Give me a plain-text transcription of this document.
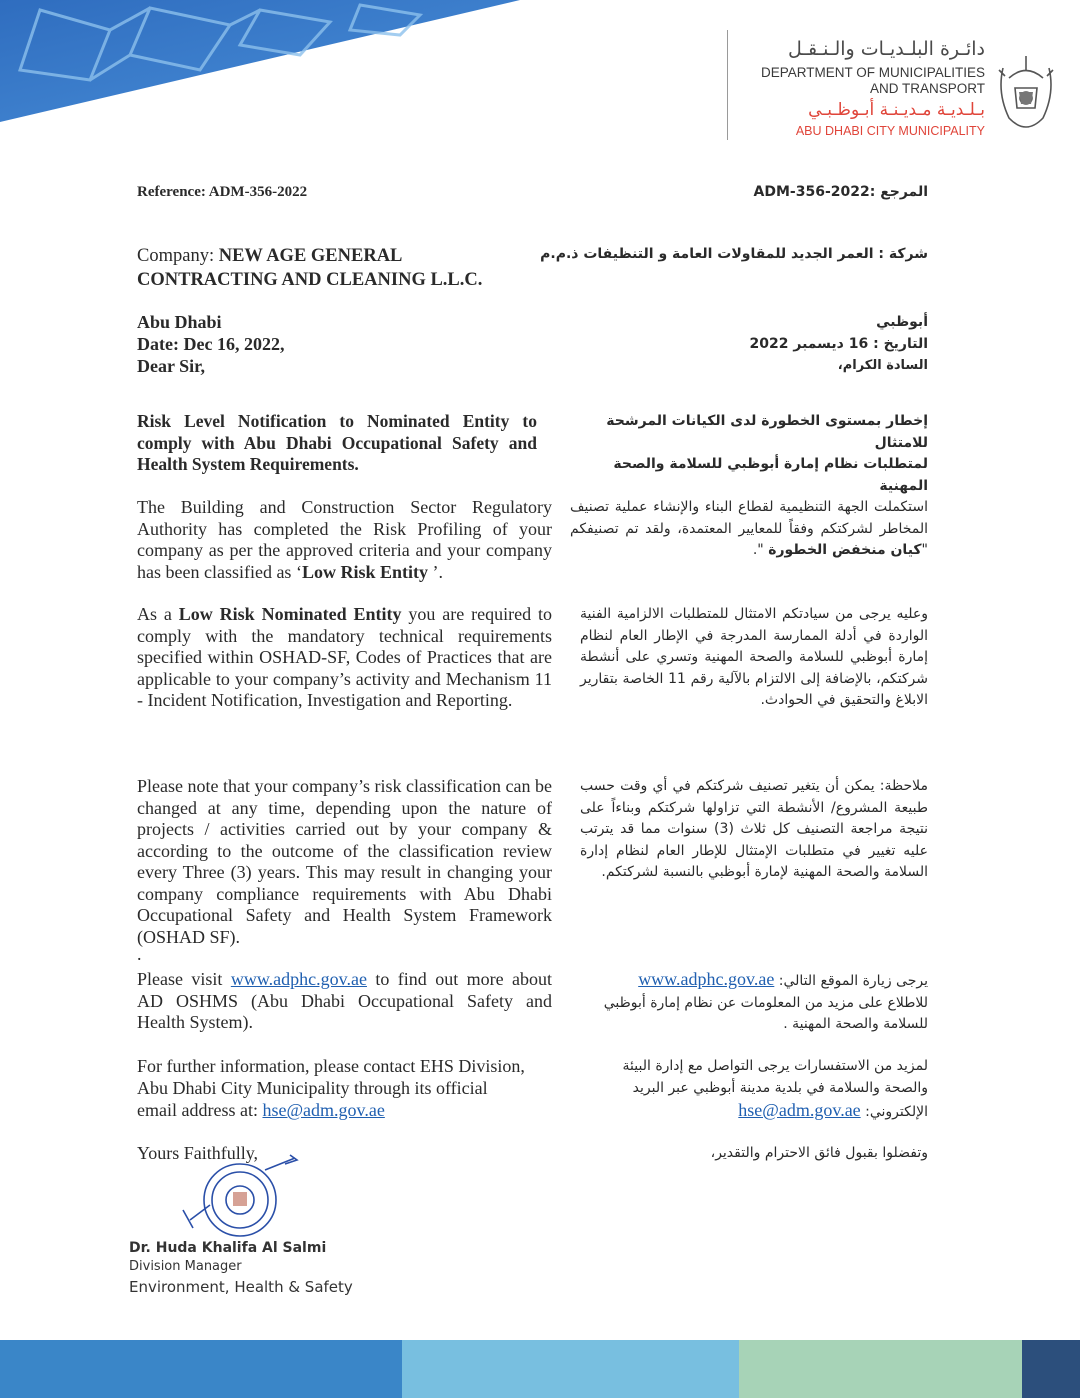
دائـرة البلـديـات والـنـقـل
DEPARTMENT OF MUNICIPALITIES
AND TRANSPORT
بـلـديـة مـديـنـة أبـوظـبـي
ABU DHABI CITY MUNICIPALITY
Reference: ADM-356-2022	المرجع :ADM-356-2022
Company: NEW AGE GENERAL
CONTRACTING AND CLEANING L.L.C.
شركة : العمر الجديد للمقاولات العامة و التنظيفات ذ.م.م
Abu Dhabi
Date: Dec 16, 2022,
Dear Sir,
أبوظبي
التاريخ : 16 ديسمبر 2022
السادة الكرام،
Risk Level Notification to Nominated Entity to comply with Abu Dhabi Occupational Safety and Health System Requirements.
إخطار بمستوى الخطورة لدى الكيانات المرشحة للامتثال
لمتطلبات نظام إمارة أبوظبي للسلامة والصحة المهنية
The Building and Construction Sector Regulatory Authority has completed the Risk Profiling of your company as per the approved criteria and your company has been classified as ‘Low Risk Entity ’.
استكملت الجهة التنظيمية لقطاع البناء والإنشاء عملية تصنيف المخاطر لشركتكم وفقاً للمعايير المعتمدة، ولقد تم تصنيفكم "كيان منخفض الخطورة ".
As a Low Risk Nominated Entity you are required to comply with the mandatory technical requirements specified within OSHAD-SF, Codes of Practices that are applicable to your company’s activity and Mechanism 11 - Incident Notification, Investigation and Reporting.
وعليه يرجى من سيادتكم الامتثال للمتطلبات الالزامية الفنية الواردة في أدلة الممارسة المدرجة في الإطار العام لنظام إمارة أبوظبي للسلامة والصحة المهنية وتسري على أنشطة شركتكم، بالإضافة إلى الالتزام بالآلية رقم 11 الخاصة بتقارير الابلاغ والتحقيق في الحوادث.
Please note that your company’s risk classification can be changed at any time, depending upon the nature of projects / activities carried out by your company & according to the outcome of the classification review every Three (3) years. This may result in changing your company compliance requirements with Abu Dhabi Occupational Safety and Health System Framework (OSHAD SF).
ملاحظة: يمكن أن يتغير تصنيف شركتكم في أي وقت حسب طبيعة المشروع/ الأنشطة التي تزاولها شركتكم وبناءاً على نتيجة مراجعة التصنيف كل ثلاث (3) سنوات مما قد يترتب عليه تغيير في متطلبات الإمتثال للإطار العام لنظام إدارة السلامة والصحة المهنية لإمارة أبوظبي بالنسبة لشركتكم.
.
Please visit www.adphc.gov.ae to find out more about AD OSHMS (Abu Dhabi Occupational Safety and Health System).
يرجى زيارة الموقع التالي: www.adphc.gov.ae
للاطلاع على مزيد من المعلومات عن نظام إمارة أبوظبي للسلامة والصحة المهنية .
For further information, please contact EHS Division,
Abu Dhabi City Municipality through its official
email address at: hse@adm.gov.ae
لمزيد من الاستفسارات يرجى التواصل مع إدارة البيئة
والصحة والسلامة في بلدية مدينة أبوظبي عبر البريد
الإلكتروني: hse@adm.gov.ae
Yours Faithfully,	وتفضلوا بقبول فائق الاحترام والتقدير،
Dr. Huda Khalifa Al Salmi
Division Manager
Environment, Health & Safety
